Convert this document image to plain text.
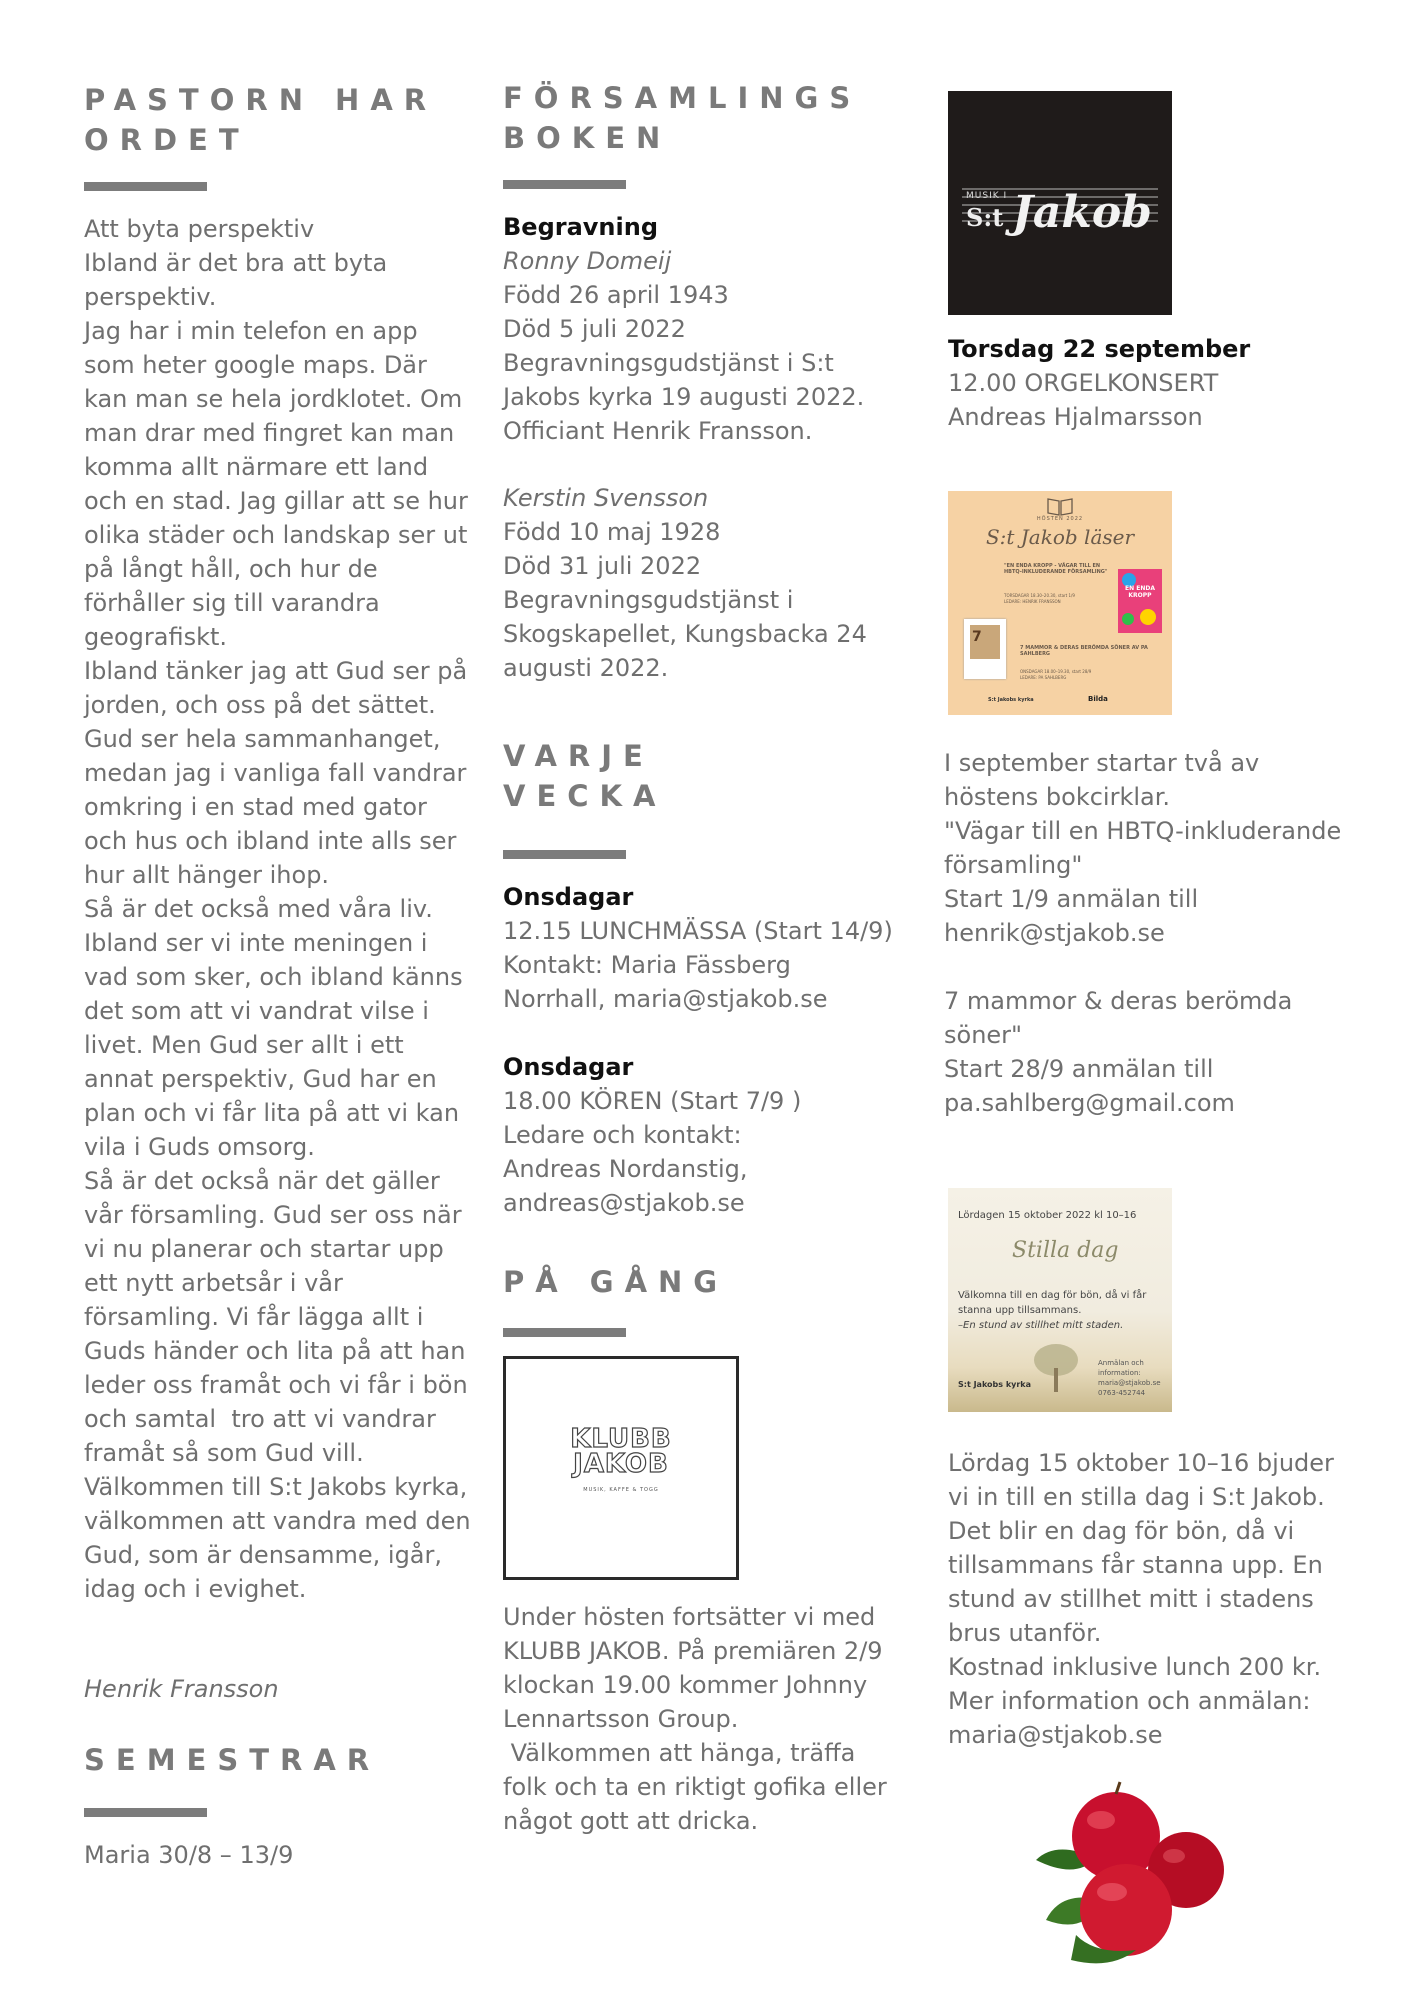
PASTORN HAR ORDET

Att byta perspektiv
Ibland är det bra att byta perspektiv.
Jag har i min telefon en app som heter google maps. Där kan man se hela jordklotet. Om man drar med fingret kan man komma allt närmare ett land och en stad. Jag gillar att se hur olika städer och landskap ser ut på långt håll, och hur de förhåller sig till varandra geografiskt.
Ibland tänker jag att Gud ser på jorden, och oss på det sättet. Gud ser hela sammanhanget, medan jag i vanliga fall vandrar omkring i en stad med gator och hus och ibland inte alls ser hur allt hänger ihop.
Så är det också med våra liv. Ibland ser vi inte meningen i vad som sker, och ibland känns det som att vi vandrat vilse i livet. Men Gud ser allt i ett annat perspektiv, Gud har en plan och vi får lita på att vi kan vila i Guds omsorg.
Så är det också när det gäller vår församling. Gud ser oss när vi nu planerar och startar upp ett nytt arbetsår i vår församling. Vi får lägga allt i Guds händer och lita på att han leder oss framåt och vi får i bön och samtal  tro att vi vandrar framåt så som Gud vill.
Välkommen till S:t Jakobs kyrka, välkommen att vandra med den Gud, som är densamme, igår, idag och i evighet.

Henrik Fransson

SEMESTRAR

Maria 30/8 – 13/9

FÖRSAMLINGS BOKEN

Begravning

Ronny Domeij

Född 26 april 1943
Död 5 juli 2022
Begravningsgudstjänst i S:t Jakobs kyrka 19 augusti 2022. Officiant Henrik Fransson.

Kerstin Svensson

Född 10 maj 1928
Död 31 juli 2022
Begravningsgudstjänst i Skogskapellet, Kungsbacka 24 augusti 2022.

VARJE VECKA

Onsdagar

12.15 LUNCHMÄSSA (Start 14/9)
Kontakt: Maria Fässberg Norrhall, maria@stjakob.se

Onsdagar

18.00 KÖREN (Start 7/9 )
Ledare och kontakt:
Andreas Nordanstig, andreas@stjakob.se

PÅ GÅNG
KLUBB
JAKOB
MUSIK, KAFFE & TOGG

Under hösten fortsätter vi med KLUBB JAKOB. På premiären 2/9 klockan 19.00 kommer Johnny Lennartsson Group.
Välkommen att hänga, träffa folk och ta en riktigt gofika eller något gott att dricka.

MUSIK I
S:t Jakob

Torsdag 22 september

12.00 ORGELKONSERT
Andreas Hjalmarsson

HÖSTEN 2022
S:t Jakob läser
"EN ENDA KROPP - VÄGAR TILL EN HBTQ-INKLUDERANDE FÖRSAMLING"
TORSDAGAR 18.30–20.30, start 1/9
LEDARE: HENRIK FRANSSON
EN ENDA KROPP
7
7 MAMMOR & DERAS BERÖMDA SÖNER AV PA SAHLBERG
ONSDAGAR 18.00–19.30, start 28/9
LEDARE: PA SAHLBERG
S:t Jakobs kyrka	Bilda

I september startar två av höstens bokcirklar.
"Vägar till en HBTQ-inkluderande församling"
Start 1/9 anmälan till henrik@stjakob.se

7 mammor & deras berömda söner"
Start 28/9 anmälan till pa.sahlberg@gmail.com

Lördagen 15 oktober 2022 kl 10–16
Stilla dag
Välkomna till en dag för bön, då vi får stanna upp tillsammans.
–En stund av stillhet mitt staden.
Anmälan och information:
maria@stjakob.se
0763-452744
S:t Jakobs kyrka

Lördag 15 oktober 10–16 bjuder vi in till en stilla dag i S:t Jakob. Det blir en dag för bön, då vi tillsammans får stanna upp. En stund av stillhet mitt i stadens brus utanför.
Kostnad inklusive lunch 200 kr.
Mer information och anmälan: maria@stjakob.se
